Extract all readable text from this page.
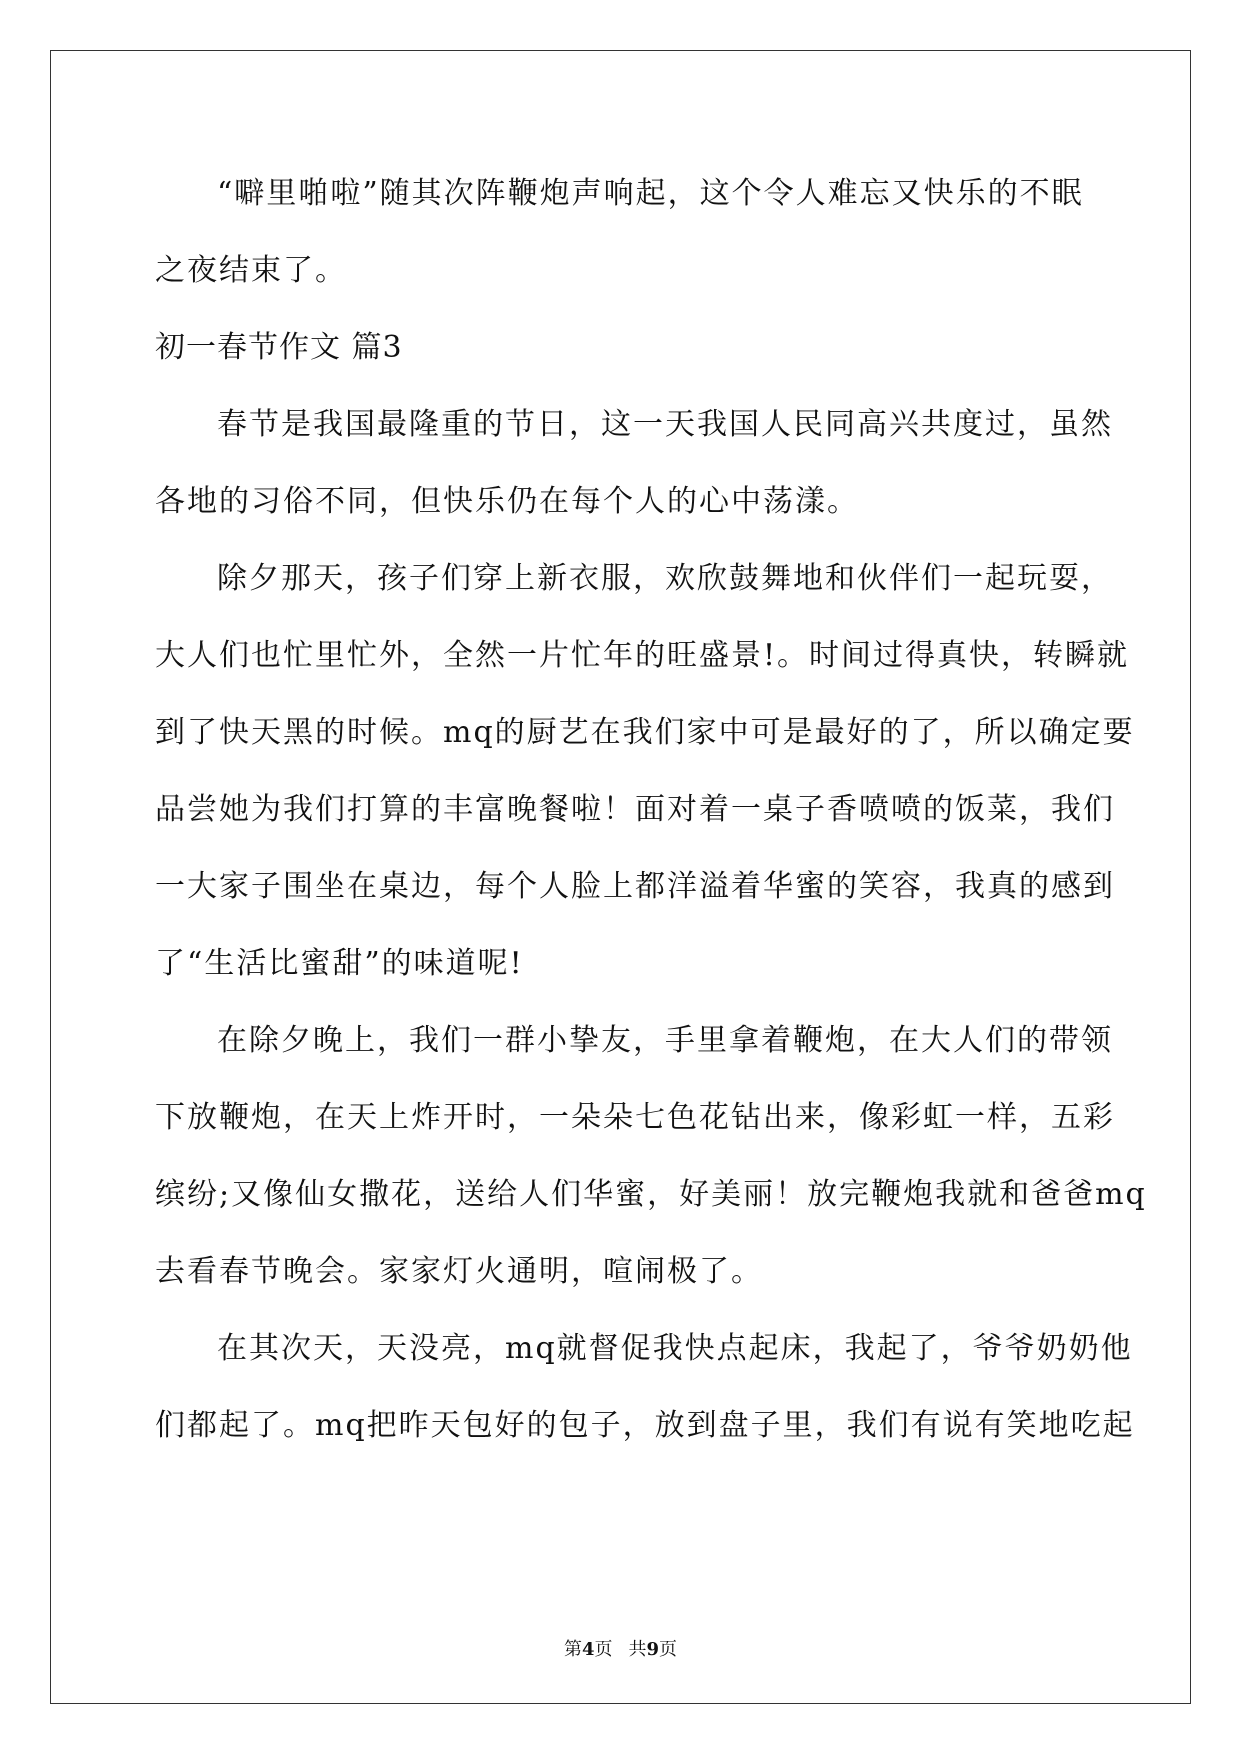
“噼里啪啦”随其次阵鞭炮声响起，这个令人难忘又快乐的不眠
之夜结束了。
初一春节作文 篇3
春节是我国最隆重的节日，这一天我国人民同高兴共度过，虽然
各地的习俗不同，但快乐仍在每个人的心中荡漾。
除夕那天，孩子们穿上新衣服，欢欣鼓舞地和伙伴们一起玩耍，
大人们也忙里忙外，全然一片忙年的旺盛景!。时间过得真快，转瞬就
到了快天黑的时候。mq的厨艺在我们家中可是最好的了，所以确定要
品尝她为我们打算的丰富晚餐啦！面对着一桌子香喷喷的饭菜，我们
一大家子围坐在桌边，每个人脸上都洋溢着华蜜的笑容，我真的感到
了“生活比蜜甜”的味道呢!
在除夕晚上，我们一群小挚友，手里拿着鞭炮，在大人们的带领
下放鞭炮，在天上炸开时，一朵朵七色花钻出来，像彩虹一样，五彩
缤纷;又像仙女撒花，送给人们华蜜，好美丽！放完鞭炮我就和爸爸mq
去看春节晚会。家家灯火通明，喧闹极了。
在其次天，天没亮，mq就督促我快点起床，我起了，爷爷奶奶他
们都起了。mq把昨天包好的包子，放到盘子里，我们有说有笑地吃起
第4页 共9页
